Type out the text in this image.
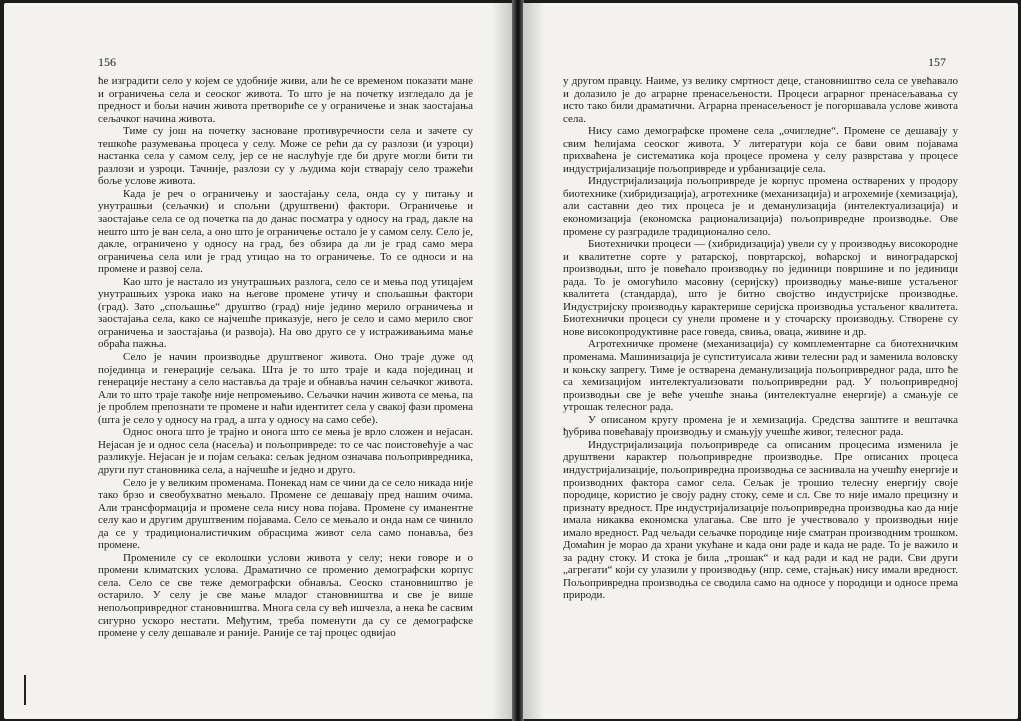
156

ће изградити село у којем се удобније живи, али ће се временом показати мане и ограничења села и сеоског живота. То што је на почетку изгледало да је предност и бољи начин живота претвориће се у ограничење и знак заостајања сељачког начина живота.

Тиме су још на почетку засноване противуречности села и зачете су тешкоће разумевања процеса у селу. Може се рећи да су разлози (и узроци) настанка села у самом селу, јер се не наслућује где би друге могли бити ти разлози и узроци. Тачније, разлози су у људима који стварају село тражећи боље услове живота.

Када је реч о ограничењу и заостајању села, онда су у питању и унутрашњи (сељачки) и спољни (друштвени) фактори. Ограничење и заостајање села се од почетка па до данас посматра у односу на град, дакле на нешто што је ван села, а оно што је ограничење остало је у самом селу. Село је, дакле, ограничено у односу на град, без обзира да ли је град само мера ограничења села или је град утицао на то ограничење. То се односи и на промене и развој села.

Као што је настало из унутрашњих разлога, село се и мења под утицајем унутрашњих узрока иако на његове промене утичу и спољашњи фактори (град). Зато „спољашње“ друштво (град) није једино мерило ограничења и заостајања села, како се најчешће приказује, него је село и само мерило свог ограничења и заостајања (и развоја). На ово друго се у истраживањима мање обраћа пажња.

Село је начин производње друштвеног живота. Оно траје дуже од појединца и генерације сељака. Шта је то што траје и када појединац и генерације нестану а село наставља да траје и обнавља начин сељачког живота. Али то што траје такође није непромењиво. Сељачки начин живота се мења, па је проблем препознати те промене и наћи идентитет села у свакој фази промена (шта је село у односу на град, а шта у односу на само себе).

Однос онога што је трајно и онога што се мења је врло сложен и нејасан. Нејасан је и однос села (насеља) и пољопривреде: то се час поистовећује а час разликује. Нејасан је и појам сељака: сељак једном означава пољопривредника, други пут становника села, а најчешће и једно и друго.

Село је у великим променама. Понекад нам се чини да се село никада није тако брзо и свеобухватно мењало. Промене се дешавају пред нашим очима. Али трансформација и промене села нису нова појава. Промене су иманентне селу као и другим друштвеним појавама. Село се мењало и онда нам се чинило да се у традиционалистичким обрасцима живот села само понавља, без промене.

Промениле су се еколошки услови живота у селу; неки говоре и о промени климатских услова. Драматично се променио демографски корпус села. Село се све теже демографски обнавља. Сеоско становништво је остарило. У селу је све мање младог становништва и све је више непољопривредног становништва. Многа села су већ ишчезла, а нека ће сасвим сигурно ускоро нестати. Међутим, треба поменути да су се демографске промене у селу дешавале и раније. Раније се тај процес одвијао

157

у другом правцу. Наиме, уз велику смртност деце, становништво села се увећавало и долазило је до аграрне пренасељености. Процеси аграрног пренасељавања су исто тако били драматични. Аграрна пренасељеност је погоршавала услове живота села.

Нису само демографске промене села „очигледне“. Промене се дешавају у свим ћелијама сеоског живота. У литератури која се бави овим појавама прихваћена је систематика која процесе промена у селу разврстава у процесе индустријализације пољопривреде и урбанизације села.

Индустријализација пољопривреде је корпус промена остварених у продору биотехнике (хибридизација), агротехнике (механизација) и агрохемије (хемизација), али саставни део тих процеса је и деманулизација (интелектуализација) и економизација (економска рационализација) пољопривредне производње. Ове промене су разградиле традиционално село.

Биотехнички процеси — (хибридизација) увели су у производњу високородне и квалитетне сорте у ратарској, повртарској, воћарској и виноградарској производњи, што је повећало производњу по јединици површине и по јединици рада. То је омогућило масовну (серијску) производњу мање-више устаљеног квалитета (стандарда), што је битно својство индустријске производње. Индустријску производњу карактерише серијска производња устаљеног квалитета. Биотехнички процеси су унели промене и у сточарску производњу. Створене су нове високопродуктивне расе говеда, свиња, оваца, живине и др.

Агротехничке промене (механизација) су комплементарне са биотехничким променама. Машинизација је супституисала живи телесни рад и заменила воловску и коњску запрегу. Тиме је остварена деманулизација пољопривредног рада, што ће са хемизацијом интелектуализовати пољопривредни рад. У пољопривредној производњи све је веће учешће знања (интелектуалне енергије) а смањује се утрошак телесног рада.

У описаном кругу промена је и хемизација. Средства заштите и вештачка ђубрива повећавају производњу и смањују учешће живог, телесног рада.

Индустријализација пољопривреде са описаним процесима изменила је друштвени карактер пољопривредне производње. Пре описаних процеса индустријализације, пољопривредна производња се заснивала на учешћу енергије и производних фактора самог села. Сељак је трошио телесну енергију своје породице, користио је своју радну стоку, семе и сл. Све то није имало прецизну и признату вредност. Пре индустријализације пољопривредна производња као да није имала никаква економска улагања. Све што је учествовало у производњи није имало вредност. Рад чељади сељачке породице није сматран производним трошком. Домаћин је морао да храни укућане и када они раде и када не раде. То је важило и за радну стоку. И стока је била „трошак“ и кад ради и кад не ради. Сви други „агрегати“ који су улазили у производњу (нпр. семе, стајњак) нису имали вредност. Пољопривредна производња се сводила само на односе у породици и односе према природи.
